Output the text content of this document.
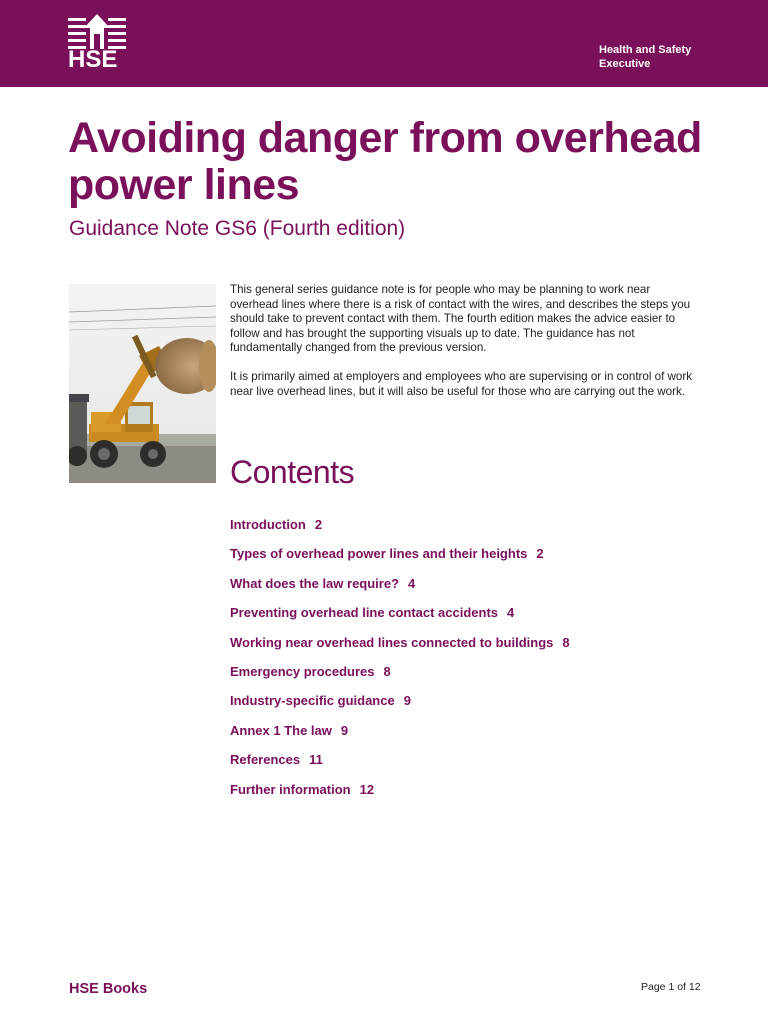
HSE	Health and Safety
Executive
Avoiding danger from overhead power lines
Guidance Note GS6 (Fourth edition)

This general series guidance note is for people who may be planning to work near overhead lines where there is a risk of contact with the wires, and describes the steps you should take to prevent contact with them. The fourth edition makes the advice easier to follow and has brought the supporting visuals up to date. The guidance has not fundamentally changed from the previous version.

It is primarily aimed at employers and employees who are supervising or in control of work near live overhead lines, but it will also be useful for those who are carrying out the work.

Contents
Introduction 2
Types of overhead power lines and their heights 2
What does the law require? 4
Preventing overhead line contact accidents 4
Working near overhead lines connected to buildings 8
Emergency procedures 8
Industry-specific guidance 9
Annex 1 The law 9
References 11
Further information 12
HSE Books	Page 1 of 12
